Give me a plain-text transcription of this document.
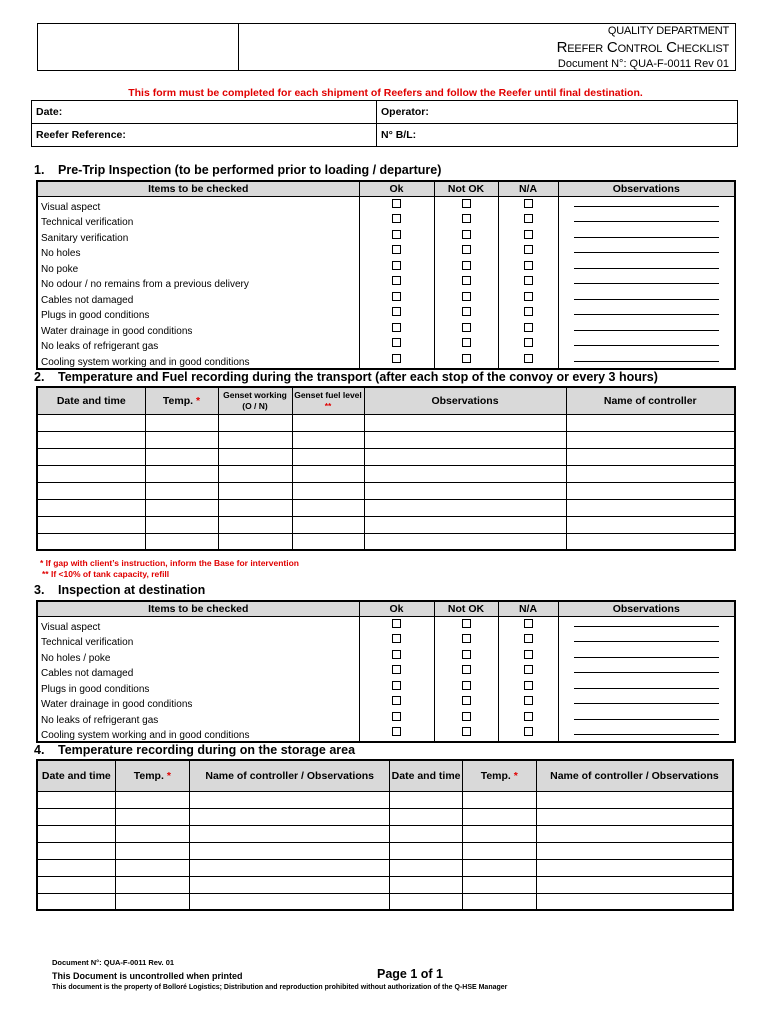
QUALITY DEPARTMENT
Reefer Control Checklist
Document N°: QUA-F-0011 Rev 01
This form must be completed for each shipment of Reefers and follow the Reefer until final destination.
Date:	Operator:
Reefer Reference:	N° B/L:
1. Pre-Trip Inspection (to be performed prior to loading / departure)
Items to be checked	Ok	Not OK	N/A	Observations
Visual aspect				
Technical verification				
Sanitary verification				
No holes				
No poke				
No odour / no remains from a previous delivery				
Cables not damaged				
Plugs in good conditions				
Water drainage in good conditions				
No leaks of refrigerant gas				
Cooling system working and in good conditions				
2. Temperature and Fuel recording during the transport (after each stop of the convoy or every 3 hours)
Date and time	Temp. *	Genset working (O / N)	Genset fuel level **	Observations	Name of controller

* If gap with client’s instruction, inform the Base for intervention
** If <10% of tank capacity, refill
3. Inspection at destination
Items to be checked	Ok	Not OK	N/A	Observations
Visual aspect				
Technical verification				
No holes / poke				
Cables not damaged				
Plugs in good conditions				
Water drainage in good conditions				
No leaks of refrigerant gas				
Cooling system working and in good conditions				
4. Temperature recording during on the storage area
Date and time	Temp. *	Name of controller / Observations	Date and time	Temp. *	Name of controller / Observations

Document N°: QUA-F-0011 Rev. 01
This Document is uncontrolled when printed
This document is the property of Bolloré Logistics; Distribution and reproduction prohibited without authorization of the Q-HSE Manager
Page 1 of 1
